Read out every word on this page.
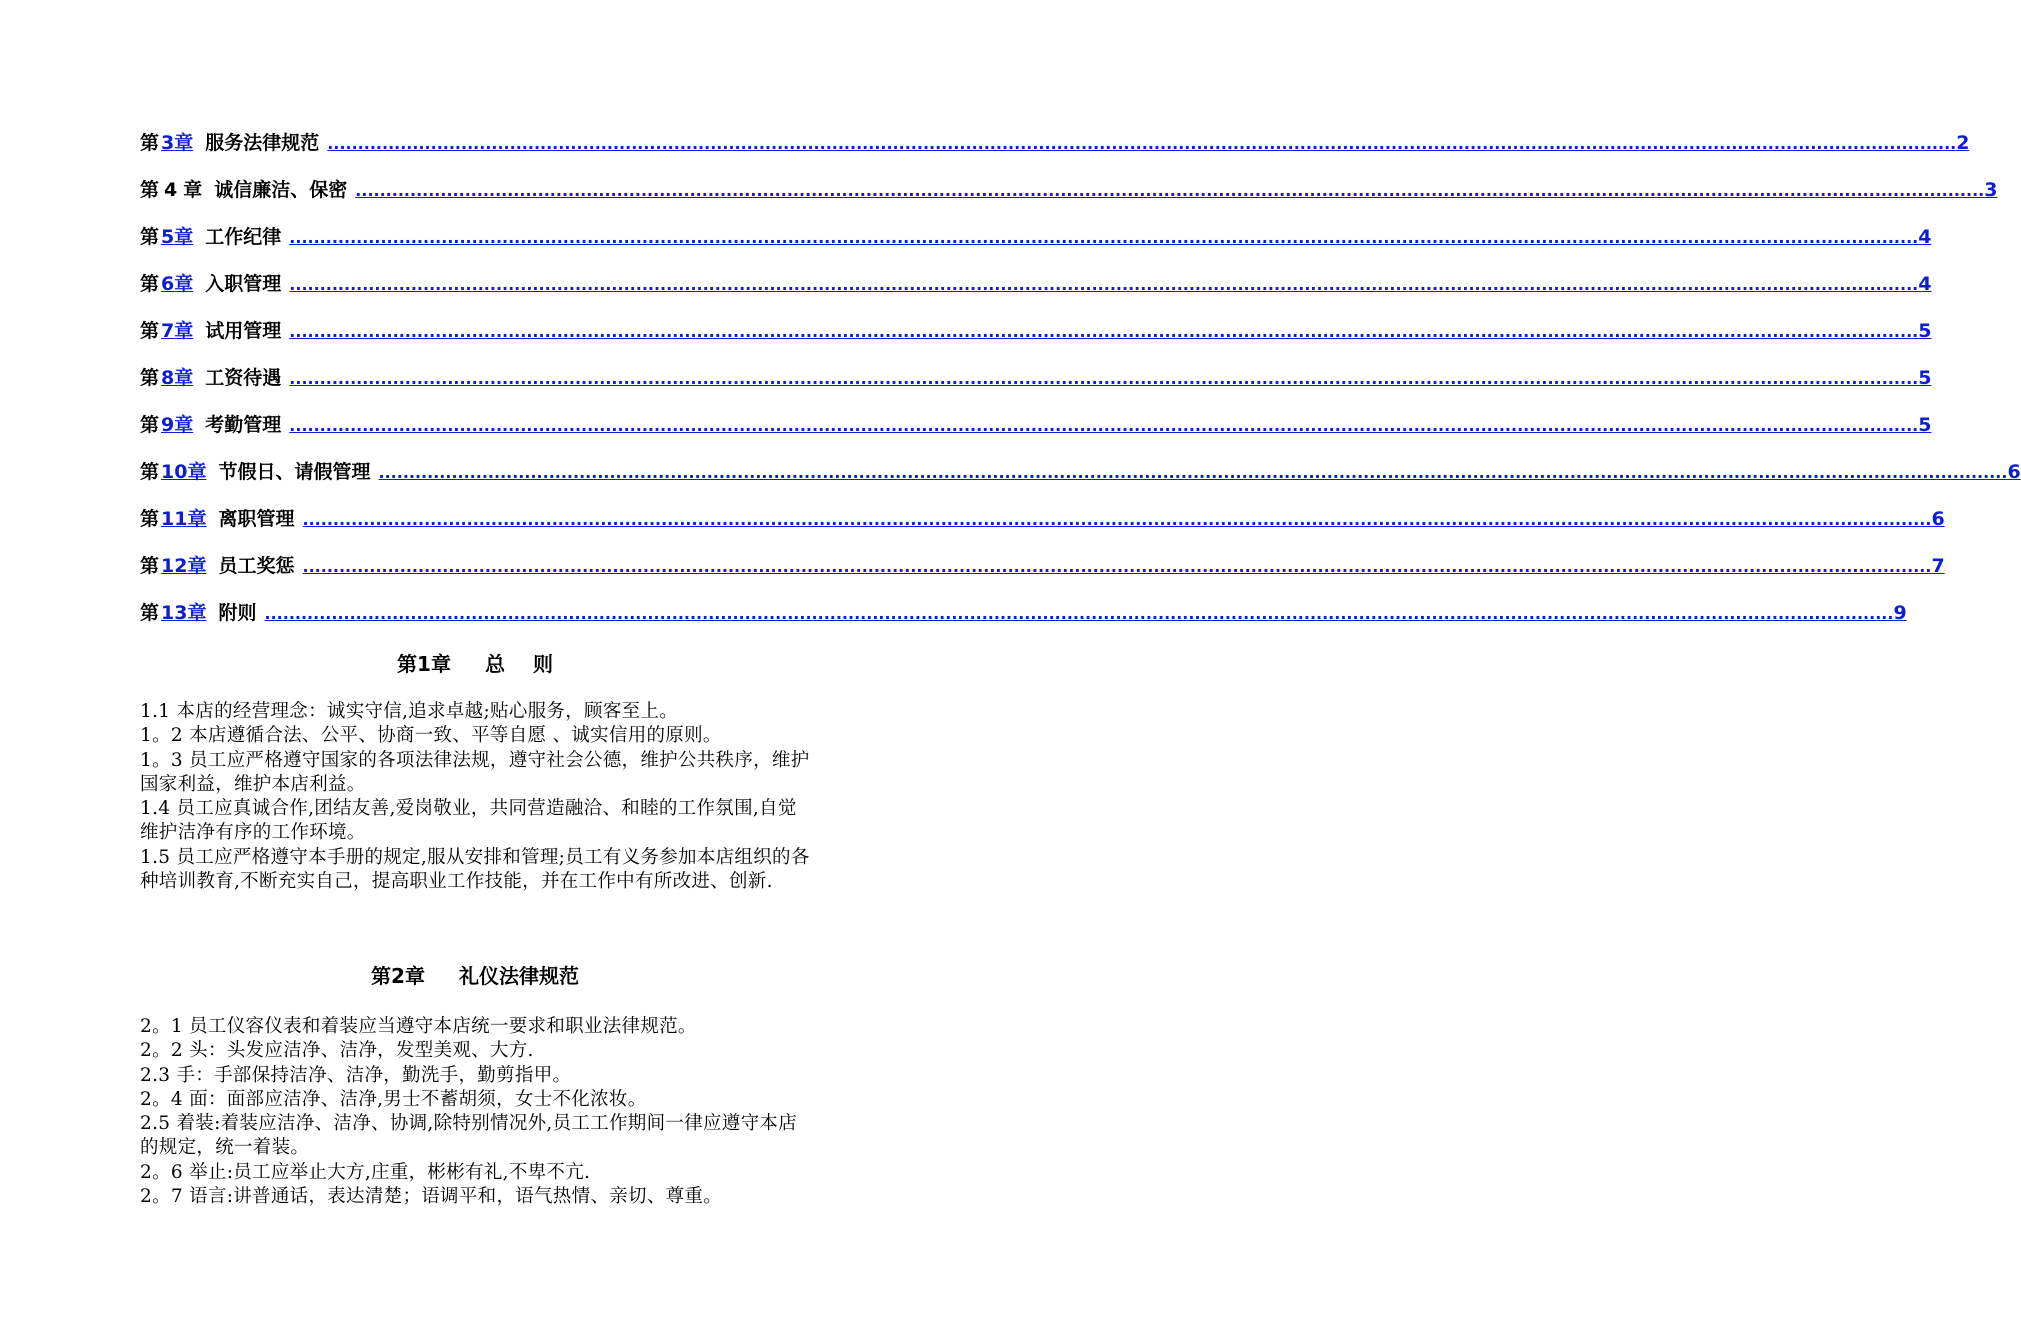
第 3章 服务法律规范 ............................................................................................................................................................................................................................................................................ 2
第 4 章 诚信廉洁、保密 ............................................................................................................................................................................................................................................................................ 3
第 5章 工作纪律 ............................................................................................................................................................................................................................................................................ 4
第 6章 入职管理 ............................................................................................................................................................................................................................................................................ 4
第 7章 试用管理 ............................................................................................................................................................................................................................................................................ 5
第 8章 工资待遇 ............................................................................................................................................................................................................................................................................ 5
第 9章 考勤管理 ............................................................................................................................................................................................................................................................................ 5
第 10章 节假日、请假管理 ............................................................................................................................................................................................................................................................................ 6
第 11章 离职管理 ............................................................................................................................................................................................................................................................................ 6
第 12章 员工奖惩 ............................................................................................................................................................................................................................................................................ 7
第 13章 附则 ............................................................................................................................................................................................................................................................................ 9
第1章 总 则

1.1 本店的经营理念：诚实守信,追求卓越;贴心服务，顾客至上。

1。2 本店遵循合法、公平、协商一致、平等自愿 、诚实信用的原则。

1。3 员工应严格遵守国家的各项法律法规，遵守社会公德，维护公共秩序，维护国家利益，维护本店利益。

1.4 员工应真诚合作,团结友善,爱岗敬业，共同营造融洽、和睦的工作氛围,自觉维护洁净有序的工作环境。

1.5 员工应严格遵守本手册的规定,服从安排和管理;员工有义务参加本店组织的各种培训教育,不断充实自己，提高职业工作技能，并在工作中有所改进、创新.

第2章 礼仪法律规范

2。1 员工仪容仪表和着装应当遵守本店统一要求和职业法律规范。

2。2 头：头发应洁净、洁净，发型美观、大方.

2.3 手：手部保持洁净、洁净，勤洗手，勤剪指甲。

2。4 面：面部应洁净、洁净,男士不蓄胡须，女士不化浓妆。

2.5 着装:着装应洁净、洁净、协调,除特别情况外,员工工作期间一律应遵守本店的规定，统一着装。

2。6 举止:员工应举止大方,庄重，彬彬有礼,不卑不亢.

2。7 语言:讲普通话，表达清楚；语调平和，语气热情、亲切、尊重。
